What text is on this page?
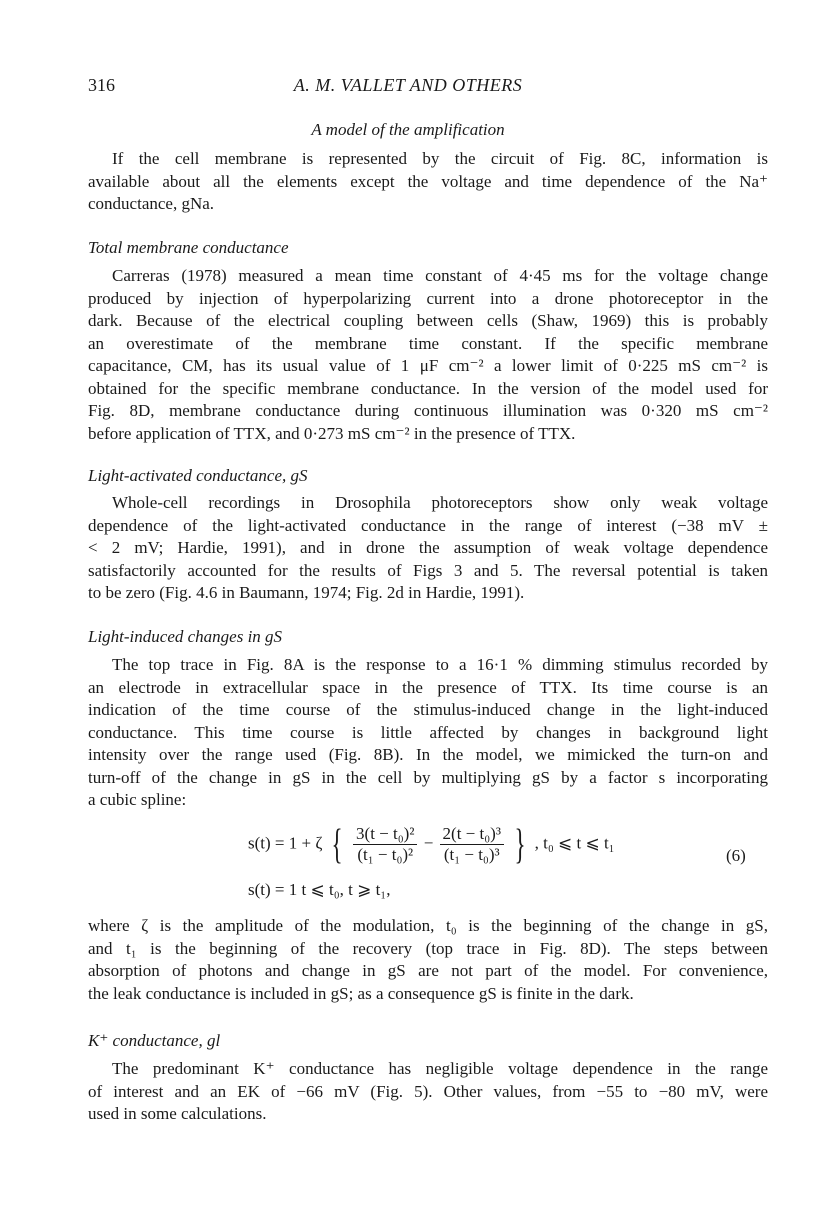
316	A. M. VALLET AND OTHERS
A model of the amplification
If the cell membrane is represented by the circuit of Fig. 8C, information is
available about all the elements except the voltage and time dependence of the Na⁺
conductance, gNa.
Total membrane conductance
Carreras (1978) measured a mean time constant of 4·45 ms for the voltage change
produced by injection of hyperpolarizing current into a drone photoreceptor in the
dark. Because of the electrical coupling between cells (Shaw, 1969) this is probably
an overestimate of the membrane time constant. If the specific membrane
capacitance, CM, has its usual value of 1 μF cm⁻² a lower limit of 0·225 mS cm⁻² is
obtained for the specific membrane conductance. In the version of the model used for
Fig. 8D, membrane conductance during continuous illumination was 0·320 mS cm⁻²
before application of TTX, and 0·273 mS cm⁻² in the presence of TTX.
Light-activated conductance, gS
Whole-cell recordings in Drosophila photoreceptors show only weak voltage
dependence of the light-activated conductance in the range of interest (−38 mV ±
< 2 mV; Hardie, 1991), and in drone the assumption of weak voltage dependence
satisfactorily accounted for the results of Figs 3 and 5. The reversal potential is taken
to be zero (Fig. 4.6 in Baumann, 1974; Fig. 2d in Hardie, 1991).
Light-induced changes in gS
The top trace in Fig. 8A is the response to a 16·1 % dimming stimulus recorded by
an electrode in extracellular space in the presence of TTX. Its time course is an
indication of the time course of the stimulus-induced change in the light-induced
conductance. This time course is little affected by changes in background light
intensity over the range used (Fig. 8B). In the model, we mimicked the turn-on and
turn-off of the change in gS in the cell by multiplying gS by a factor s incorporating
a cubic spline:
s(t) = 1 + ζ { $\frac{\text{3(t − t₀)²}}{\text{(t₁ − t₀)²}} - \frac{\text{2(t − t₀)³}}{\text{(t₁ − t₀)³}}$ } , t₀ ⩽ t ⩽ t₁
(6)
s(t) = 1 t ⩽ t₀, t ⩾ t₁,
where ζ is the amplitude of the modulation, t₀ is the beginning of the change in gS,
and t₁ is the beginning of the recovery (top trace in Fig. 8D). The steps between
absorption of photons and change in gS are not part of the model. For convenience,
the leak conductance is included in gS; as a consequence gS is finite in the dark.
K⁺ conductance, gl
The predominant K⁺ conductance has negligible voltage dependence in the range
of interest and an EK of −66 mV (Fig. 5). Other values, from −55 to −80 mV, were
used in some calculations.
